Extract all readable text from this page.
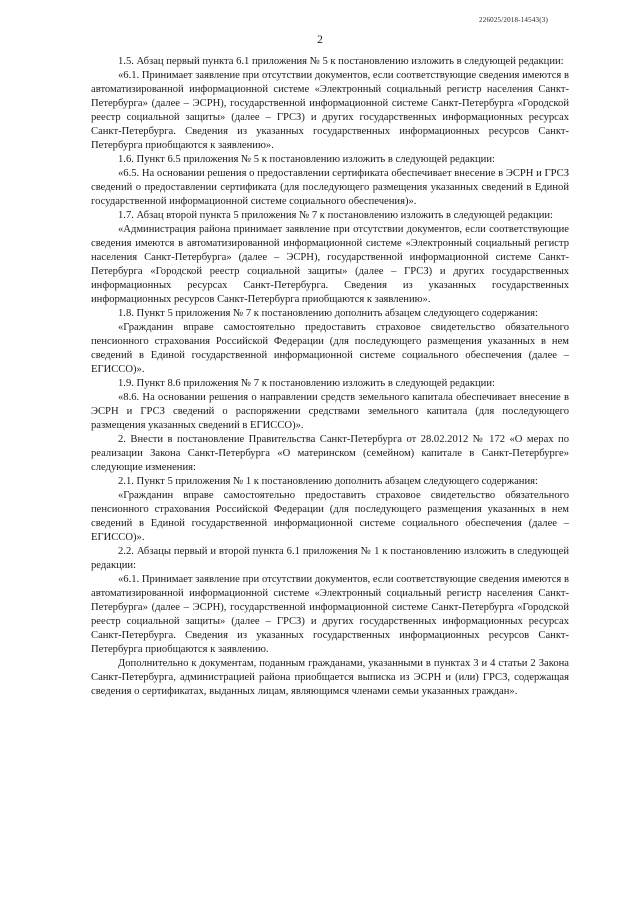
226025/2018-14543(3)
2

1.5. Абзац первый пункта 6.1 приложения № 5 к постановлению изложить в следующей редакции:

«6.1. Принимает заявление при отсутствии документов, если соответствующие сведения имеются в автоматизированной информационной системе «Электронный социальный регистр населения Санкт-Петербурга» (далее – ЭСРН), государственной информационной системе Санкт-Петербурга «Городской реестр социальной защиты» (далее – ГРСЗ) и других государственных информационных ресурсах Санкт-Петербурга. Сведения из указанных государственных информационных ресурсов Санкт-Петербурга приобщаются к заявлению».

1.6. Пункт 6.5 приложения № 5 к постановлению изложить в следующей редакции:

«6.5. На основании решения о предоставлении сертификата обеспечивает внесение в ЭСРН и ГРСЗ сведений о предоставлении сертификата (для последующего размещения указанных сведений в Единой государственной информационной системе социального обеспечения)».

1.7. Абзац второй пункта 5 приложения № 7 к постановлению изложить в следующей редакции:

«Администрация района принимает заявление при отсутствии документов, если соответствующие сведения имеются в автоматизированной информационной системе «Электронный социальный регистр населения Санкт-Петербурга» (далее – ЭСРН), государственной информационной системе Санкт-Петербурга «Городской реестр социальной защиты» (далее – ГРСЗ) и других государственных информационных ресурсах Санкт-Петербурга. Сведения из указанных государственных информационных ресурсов Санкт-Петербурга приобщаются к заявлению».

1.8. Пункт 5 приложения № 7 к постановлению дополнить абзацем следующего содержания:

«Гражданин вправе самостоятельно предоставить страховое свидетельство обязательного пенсионного страхования Российской Федерации (для последующего размещения указанных в нем сведений в Единой государственной информационной системе социального обеспечения (далее – ЕГИССО)».

1.9. Пункт 8.6 приложения № 7 к постановлению изложить в следующей редакции:

«8.6. На основании решения о направлении средств земельного капитала обеспечивает внесение в ЭСРН и ГРСЗ сведений о распоряжении средствами земельного капитала (для последующего размещения указанных сведений в ЕГИССО)».

2. Внести в постановление Правительства Санкт-Петербурга от 28.02.2012 № 172 «О мерах по реализации Закона Санкт-Петербурга «О материнском (семейном) капитале в Санкт-Петербурге» следующие изменения:

2.1. Пункт 5 приложения № 1 к постановлению дополнить абзацем следующего содержания:

«Гражданин вправе самостоятельно предоставить страховое свидетельство обязательного пенсионного страхования Российской Федерации (для последующего размещения указанных в нем сведений в Единой государственной информационной системе социального обеспечения (далее – ЕГИССО)».

2.2. Абзацы первый и второй пункта 6.1 приложения № 1 к постановлению изложить в следующей редакции:

«6.1. Принимает заявление при отсутствии документов, если соответствующие сведения имеются в автоматизированной информационной системе «Электронный социальный регистр населения Санкт-Петербурга» (далее – ЭСРН), государственной информационной системе Санкт-Петербурга «Городской реестр социальной защиты» (далее – ГРСЗ) и других государственных информационных ресурсах Санкт-Петербурга. Сведения из указанных государственных информационных ресурсов Санкт-Петербурга приобщаются к заявлению.

Дополнительно к документам, поданным гражданами, указанными в пунктах 3 и 4 статьи 2 Закона Санкт-Петербурга, администрацией района приобщается выписка из ЭСРН и (или) ГРСЗ, содержащая сведения о сертификатах, выданных лицам, являющимся членами семьи указанных граждан».
